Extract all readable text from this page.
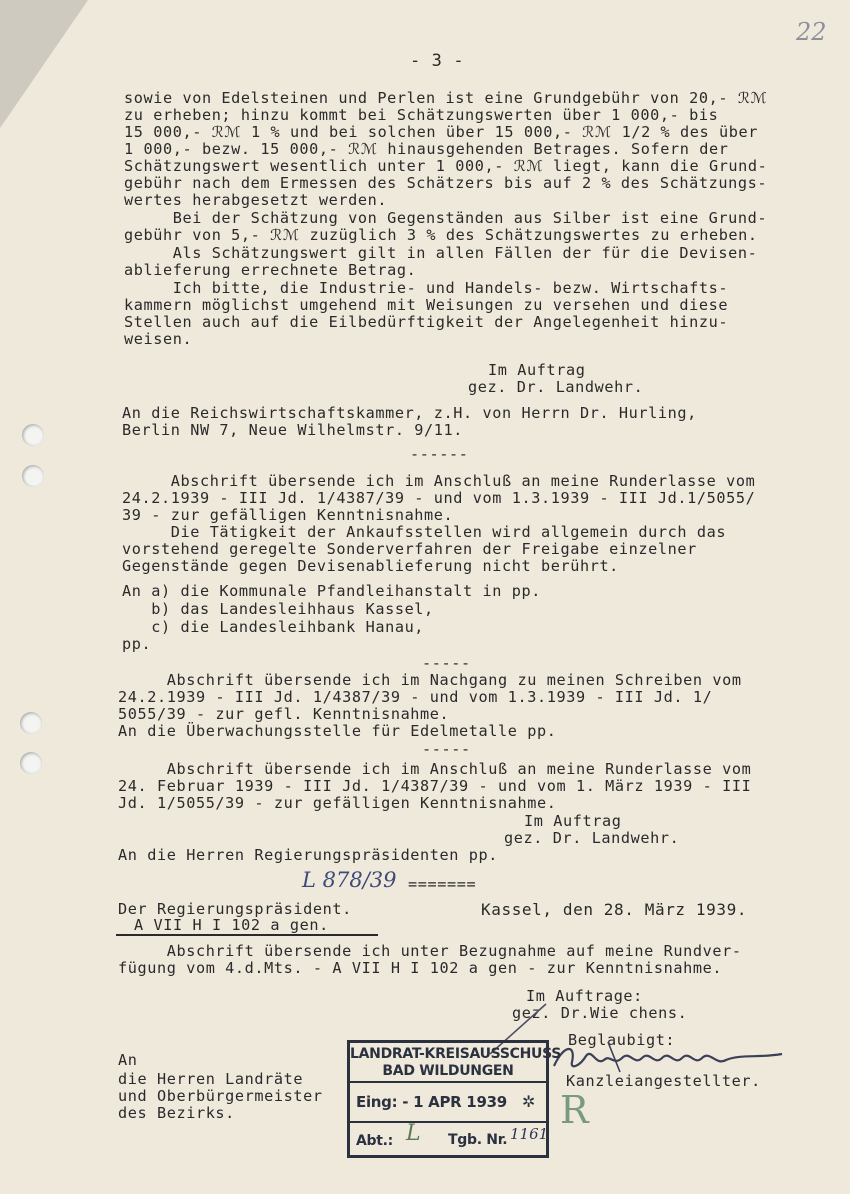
22
- 3 -
sowie von Edelsteinen und Perlen ist eine Grundgebühr von 20,- ℛℳ
zu erheben; hinzu kommt bei Schätzungswerten über 1 000,- bis
15 000,- ℛℳ 1 % und bei solchen über 15 000,- ℛℳ 1/2 % des über
1 000,- bezw. 15 000,- ℛℳ hinausgehenden Betrages. Sofern der
Schätzungswert wesentlich unter 1 000,- ℛℳ liegt, kann die Grund-
gebühr nach dem Ermessen des Schätzers bis auf 2 % des Schätzungs-
wertes herabgesetzt werden.
Bei der Schätzung von Gegenständen aus Silber ist eine Grund-
gebühr von 5,- ℛℳ zuzüglich 3 % des Schätzungswertes zu erheben.
Als Schätzungswert gilt in allen Fällen der für die Devisen-
ablieferung errechnete Betrag.
Ich bitte, die Industrie- und Handels- bezw. Wirtschafts-
kammern möglichst umgehend mit Weisungen zu versehen und diese
Stellen auch auf die Eilbedürftigkeit der Angelegenheit hinzu-
weisen.
Im Auftrag
gez. Dr. Landwehr.
An die Reichswirtschaftskammer, z.H. von Herrn Dr. Hurling,
Berlin NW 7, Neue Wilhelmstr. 9/11.
------
Abschrift übersende ich im Anschluß an meine Runderlasse vom
24.2.1939 - III Jd. 1/4387/39 - und vom 1.3.1939 - III Jd.1/5055/
39 - zur gefälligen Kenntnisnahme.
Die Tätigkeit der Ankaufsstellen wird allgemein durch das
vorstehend geregelte Sonderverfahren der Freigabe einzelner
Gegenstände gegen Devisenablieferung nicht berührt.
An a) die Kommunale Pfandleihanstalt in pp.
b) das Landesleihhaus Kassel,
c) die Landesleihbank Hanau,
pp.
-----
Abschrift übersende ich im Nachgang zu meinen Schreiben vom
24.2.1939 - III Jd. 1/4387/39 - und vom 1.3.1939 - III Jd. 1/
5055/39 - zur gefl. Kenntnisnahme.
An die Überwachungsstelle für Edelmetalle pp.
-----
Abschrift übersende ich im Anschluß an meine Runderlasse vom
24. Februar 1939 - III Jd. 1/4387/39 - und vom 1. März 1939 - III
Jd. 1/5055/39 - zur gefälligen Kenntnisnahme.
Im Auftrag
gez. Dr. Landwehr.
An die Herren Regierungspräsidenten pp.
L 878/39 =======
Der Regierungspräsident.	Kassel, den 28. März 1939.
A VII H I 102 a gen.
Abschrift übersende ich unter Bezugnahme auf meine Rundver-
fügung vom 4.d.Mts. - A VII H I 102 a gen - zur Kenntnisnahme.
Im Auftrage:
gez. Dr.Wie chens.
Beglaubigt:
Kanzleiangestellter.
An
die Herren Landräte
und Oberbürgermeister
des Bezirks.
LANDRAT-KREISAUSSCHUSS
BAD WILDUNGEN
Eing: - 1 APR 1939 ✲
Abt.:	Tgb. Nr.
L	1161
R
